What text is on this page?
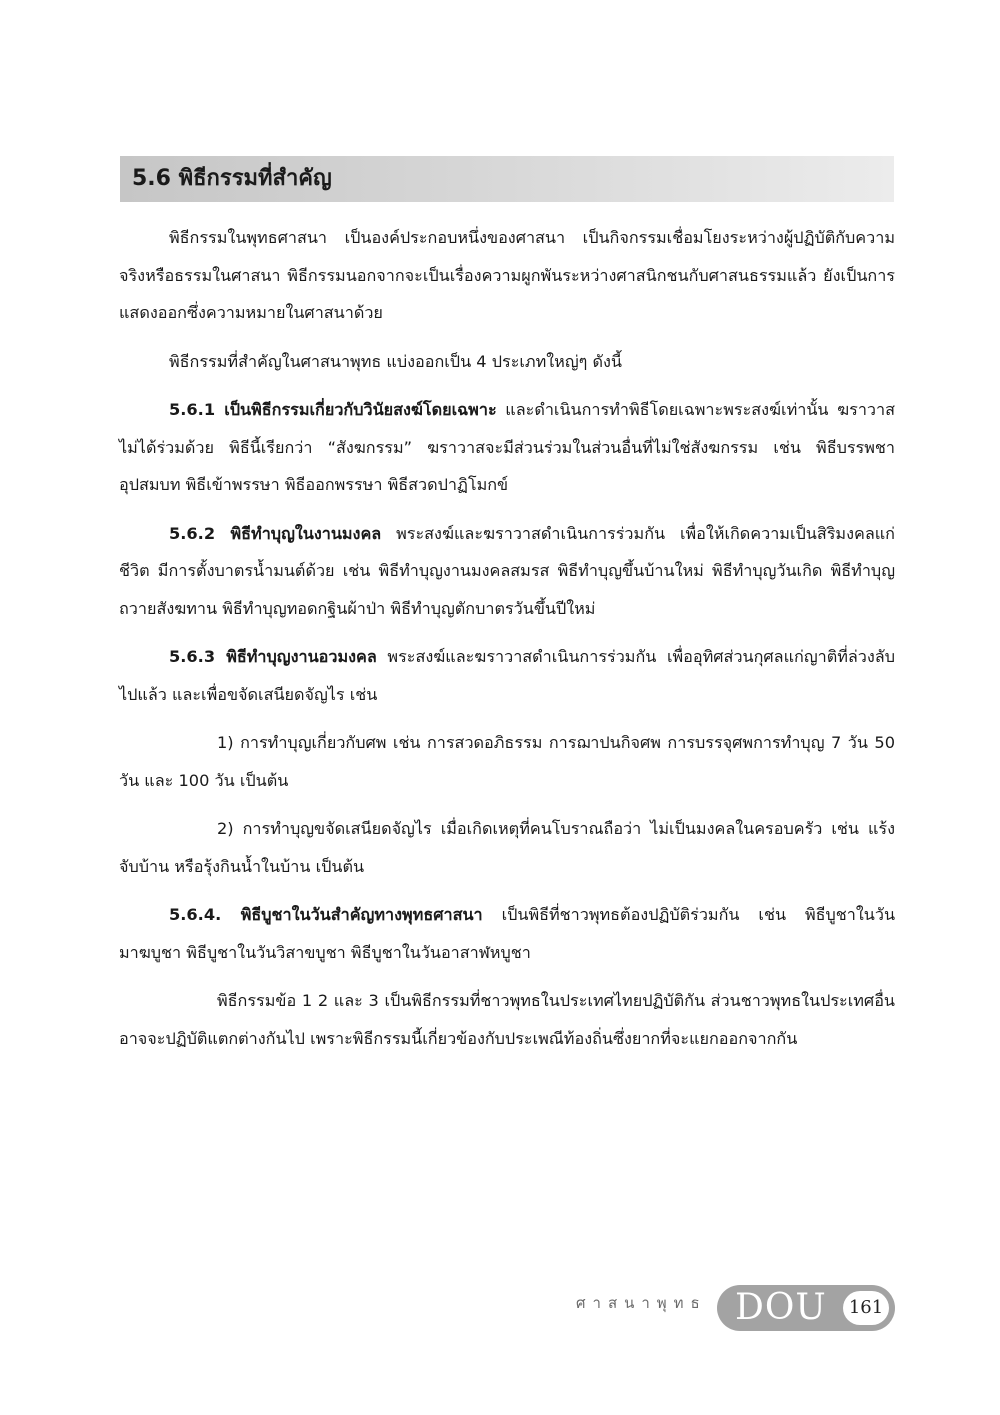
5.6 พิธีกรรมที่สำคัญ

พิธีกรรมในพุทธศาสนา เป็นองค์ประกอบหนึ่งของศาสนา เป็นกิจกรรมเชื่อมโยงระหว่างผู้ปฏิบัติกับความจริงหรือธรรมในศาสนา พิธีกรรมนอกจากจะเป็นเรื่องความผูกพันระหว่างศาสนิกชนกับศาสนธรรมแล้ว ยังเป็นการแสดงออกซึ่งความหมายในศาสนาด้วย

พิธีกรรมที่สำคัญในศาสนาพุทธ แบ่งออกเป็น 4 ประเภทใหญ่ๆ ดังนี้

5.6.1 เป็นพิธีกรรมเกี่ยวกับวินัยสงฆ์โดยเฉพาะ และดำเนินการทำพิธีโดยเฉพาะพระสงฆ์เท่านั้น ฆราวาสไม่ได้ร่วมด้วย พิธีนี้เรียกว่า “สังฆกรรม” ฆราวาสจะมีส่วนร่วมในส่วนอื่นที่ไม่ใช่สังฆกรรม เช่น พิธีบรรพชาอุปสมบท พิธีเข้าพรรษา พิธีออกพรรษา พิธีสวดปาฏิโมกข์

5.6.2 พิธีทำบุญในงานมงคล พระสงฆ์และฆราวาสดำเนินการร่วมกัน เพื่อให้เกิดความเป็นสิริมงคลแก่ชีวิต มีการตั้งบาตรน้ำมนต์ด้วย เช่น พิธีทำบุญงานมงคลสมรส พิธีทำบุญขึ้นบ้านใหม่ พิธีทำบุญวันเกิด พิธีทำบุญถวายสังฆทาน พิธีทำบุญทอดกฐินผ้าป่า พิธีทำบุญตักบาตรวันขึ้นปีใหม่

5.6.3 พิธีทำบุญงานอวมงคล พระสงฆ์และฆราวาสดำเนินการร่วมกัน เพื่ออุทิศส่วนกุศลแก่ญาติที่ล่วงลับไปแล้ว และเพื่อขจัดเสนียดจัญไร เช่น

1) การทำบุญเกี่ยวกับศพ เช่น การสวดอภิธรรม การฌาปนกิจศพ การบรรจุศพการทำบุญ 7 วัน 50 วัน และ 100 วัน เป็นต้น

2) การทำบุญขจัดเสนียดจัญไร เมื่อเกิดเหตุที่คนโบราณถือว่า ไม่เป็นมงคลในครอบครัว เช่น แร้งจับบ้าน หรือรุ้งกินน้ำในบ้าน เป็นต้น

5.6.4. พิธีบูชาในวันสำคัญทางพุทธศาสนา เป็นพิธีที่ชาวพุทธต้องปฏิบัติร่วมกัน เช่น พิธีบูชาในวันมาฆบูชา พิธีบูชาในวันวิสาขบูชา พิธีบูชาในวันอาสาฬหบูชา

พิธีกรรมข้อ 1 2 และ 3 เป็นพิธีกรรมที่ชาวพุทธในประเทศไทยปฏิบัติกัน ส่วนชาวพุทธในประเทศอื่นอาจจะปฏิบัติแตกต่างกันไป เพราะพิธีกรรมนี้เกี่ยวข้องกับประเพณีท้องถิ่นซึ่งยากที่จะแยกออกจากกัน

ศาสนาพุทธ DOU	161
